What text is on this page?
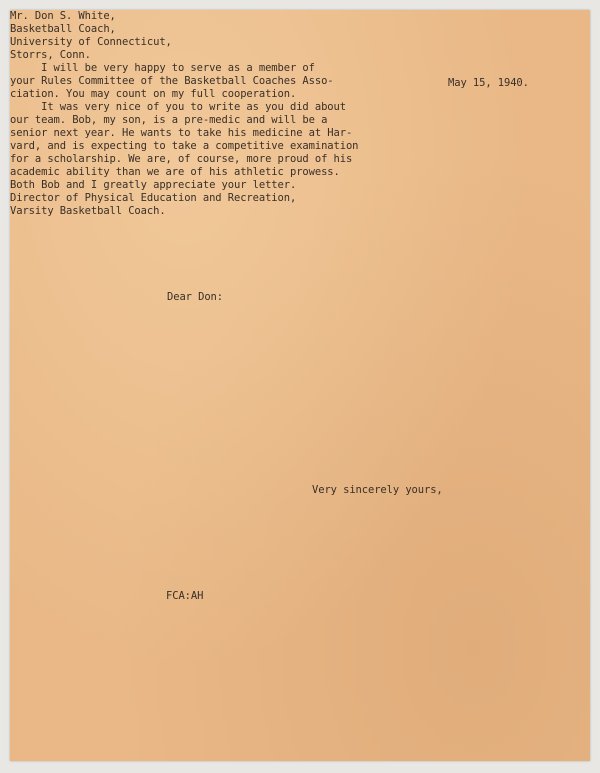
May 15, 1940.
Mr. Don S. White,
Basketball Coach,
University of Connecticut,
Storrs, Conn.
Dear Don:
I will be very happy to serve as a member of
your Rules Committee of the Basketball Coaches Asso-
ciation. You may count on my full cooperation.
It was very nice of you to write as you did about
our team. Bob, my son, is a pre-medic and will be a
senior next year. He wants to take his medicine at Har-
vard, and is expecting to take a competitive examination
for a scholarship. We are, of course, more proud of his
academic ability than we are of his athletic prowess.
Both Bob and I greatly appreciate your letter.
Very sincerely yours,
FCA:AH
Director of Physical Education and Recreation,
Varsity Basketball Coach.
